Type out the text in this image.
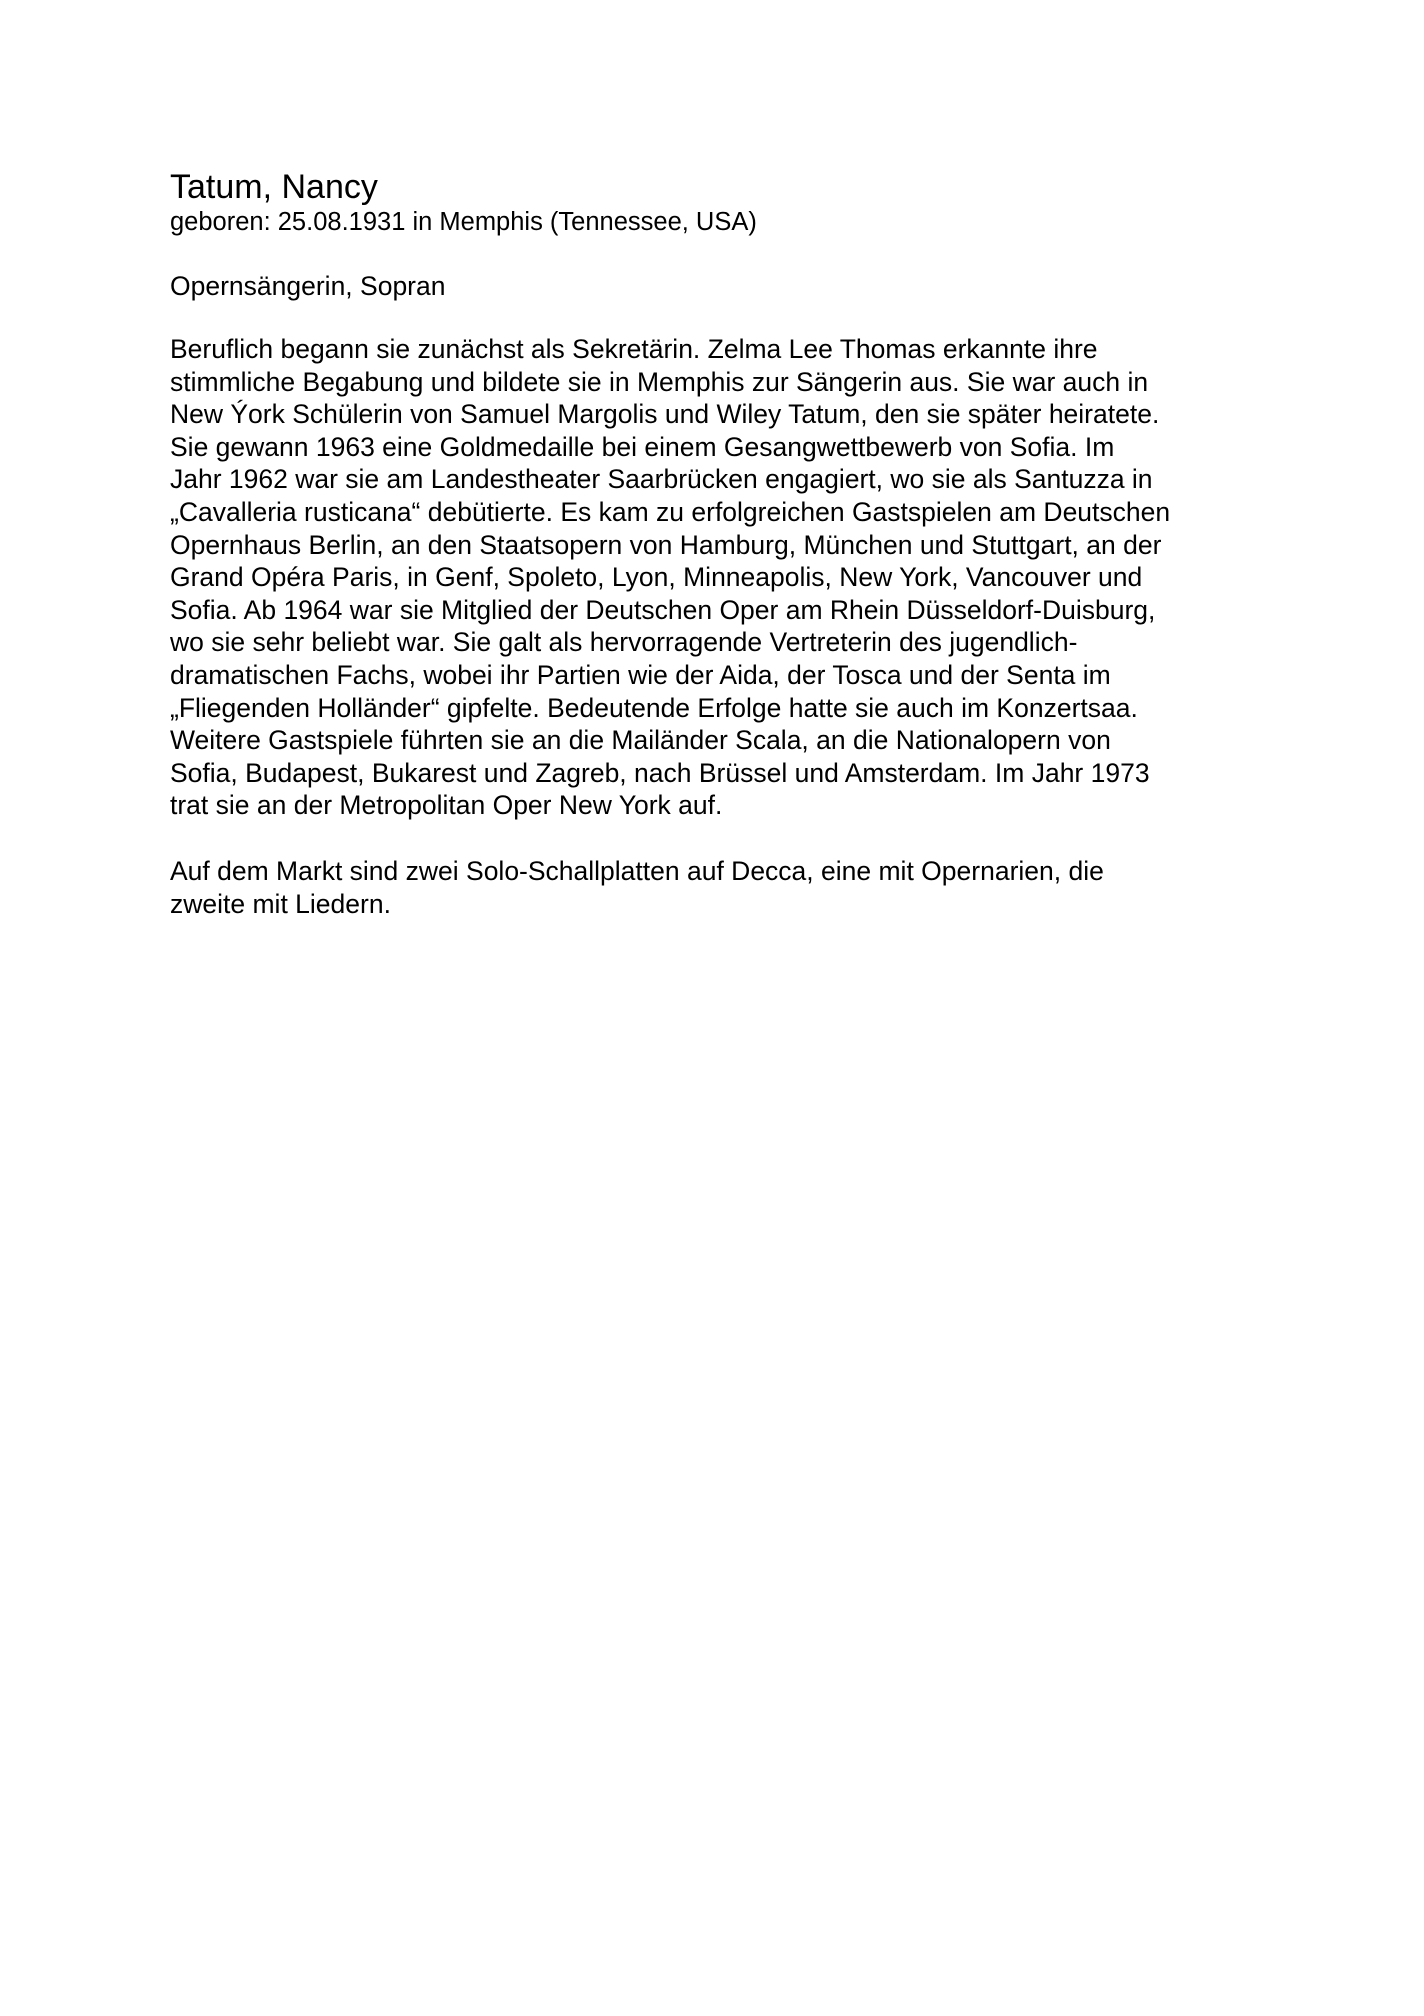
Tatum, Nancy

geboren: 25.08.1931 in Memphis (Tennessee, USA)

Opernsängerin, Sopran

Beruflich begann sie zunächst als Sekretärin. Zelma Lee Thomas erkannte ihre
stimmliche Begabung und bildete sie in Memphis zur Sängerin aus. Sie war auch in
New Ýork Schülerin von Samuel Margolis und Wiley Tatum, den sie später heiratete.
Sie gewann 1963 eine Goldmedaille bei einem Gesangwettbewerb von Sofia. Im
Jahr 1962 war sie am Landestheater Saarbrücken engagiert, wo sie als Santuzza in
„Cavalleria rusticana“ debütierte. Es kam zu erfolgreichen Gastspielen am Deutschen
Opernhaus Berlin, an den Staatsopern von Hamburg, München und Stuttgart, an der
Grand Opéra Paris, in Genf, Spoleto, Lyon, Minneapolis, New York, Vancouver und
Sofia. Ab 1964 war sie Mitglied der Deutschen Oper am Rhein Düsseldorf-Duisburg,
wo sie sehr beliebt war. Sie galt als hervorragende Vertreterin des jugendlich-
dramatischen Fachs, wobei ihr Partien wie der Aida, der Tosca und der Senta im
„Fliegenden Holländer“ gipfelte. Bedeutende Erfolge hatte sie auch im Konzertsaa.
Weitere Gastspiele führten sie an die Mailänder Scala, an die Nationalopern von
Sofia, Budapest, Bukarest und Zagreb, nach Brüssel und Amsterdam. Im Jahr 1973
trat sie an der Metropolitan Oper New York auf.

Auf dem Markt sind zwei Solo-Schallplatten auf Decca, eine mit Opernarien, die
zweite mit Liedern.
